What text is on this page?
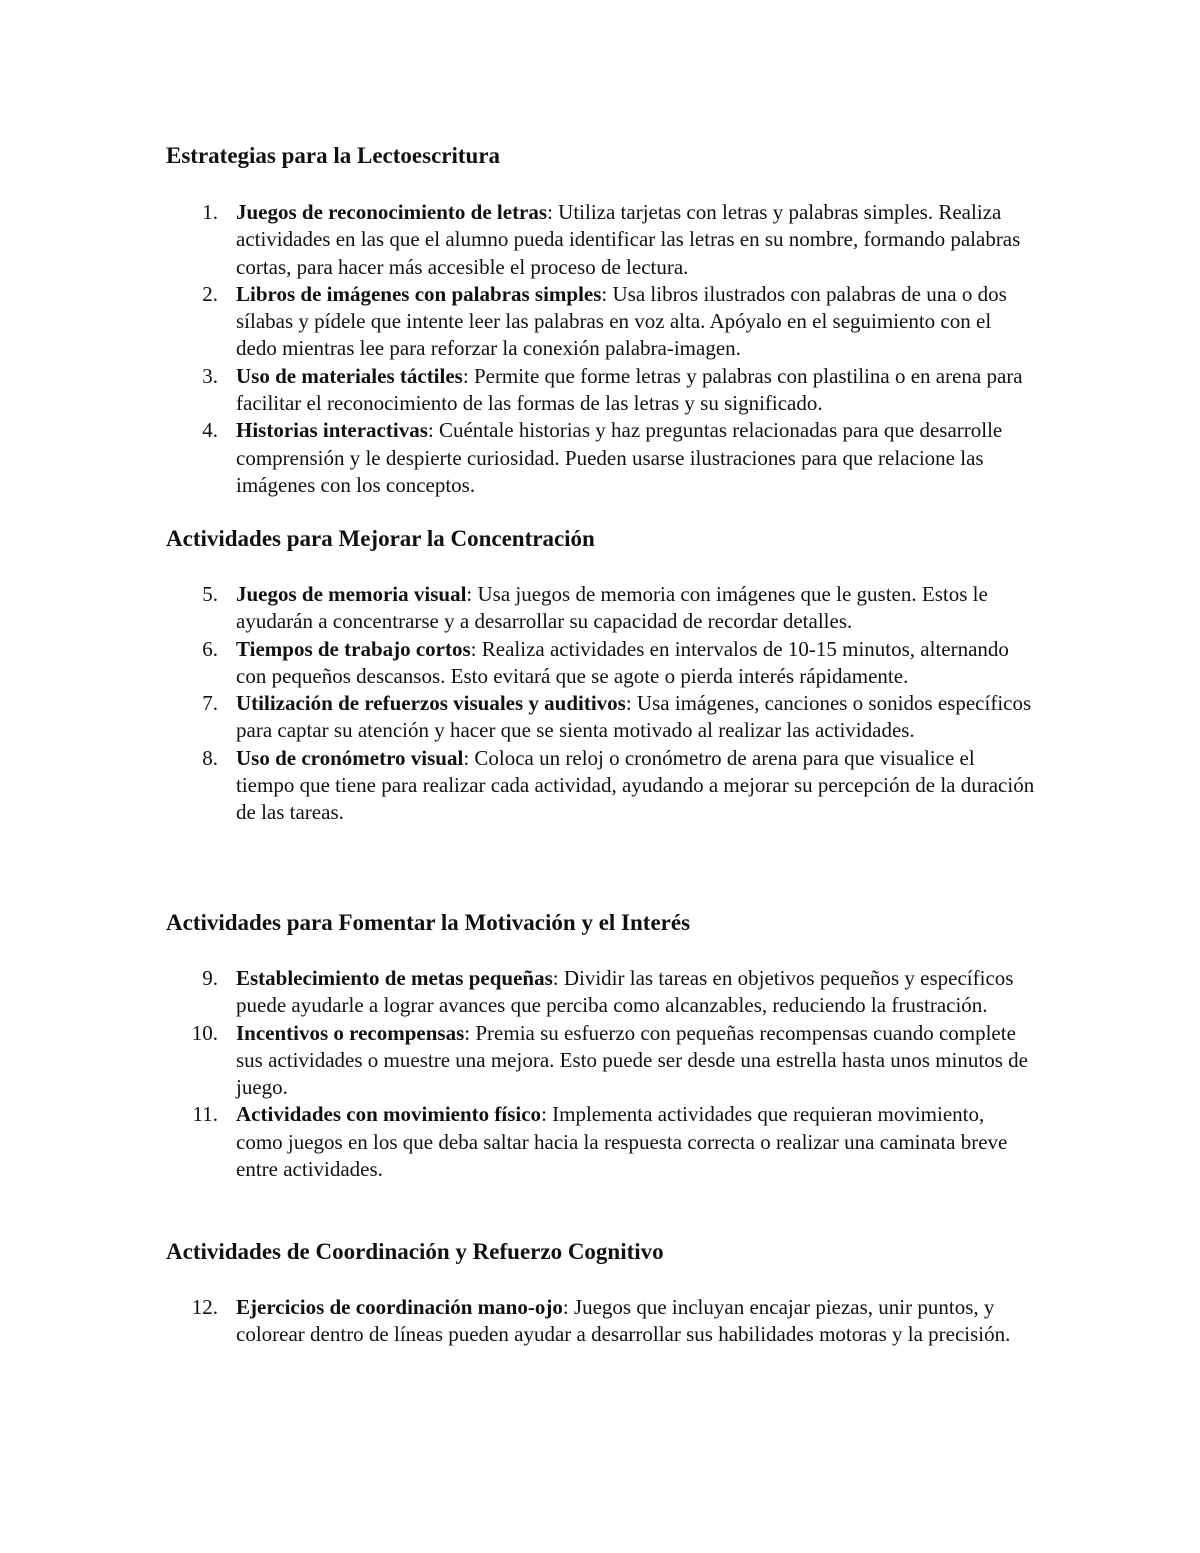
Estrategias para la Lectoescritura
1. Juegos de reconocimiento de letras: Utiliza tarjetas con letras y palabras simples. Realiza actividades en las que el alumno pueda identificar las letras en su nombre, formando palabras cortas, para hacer más accesible el proceso de lectura.
2. Libros de imágenes con palabras simples: Usa libros ilustrados con palabras de una o dos sílabas y pídele que intente leer las palabras en voz alta. Apóyalo en el seguimiento con el dedo mientras lee para reforzar la conexión palabra-imagen.
3. Uso de materiales táctiles: Permite que forme letras y palabras con plastilina o en arena para facilitar el reconocimiento de las formas de las letras y su significado.
4. Historias interactivas: Cuéntale historias y haz preguntas relacionadas para que desarrolle comprensión y le despierte curiosidad. Pueden usarse ilustraciones para que relacione las imágenes con los conceptos.
Actividades para Mejorar la Concentración
5. Juegos de memoria visual: Usa juegos de memoria con imágenes que le gusten. Estos le ayudarán a concentrarse y a desarrollar su capacidad de recordar detalles.
6. Tiempos de trabajo cortos: Realiza actividades en intervalos de 10-15 minutos, alternando con pequeños descansos. Esto evitará que se agote o pierda interés rápidamente.
7. Utilización de refuerzos visuales y auditivos: Usa imágenes, canciones o sonidos específicos para captar su atención y hacer que se sienta motivado al realizar las actividades.
8. Uso de cronómetro visual: Coloca un reloj o cronómetro de arena para que visualice el tiempo que tiene para realizar cada actividad, ayudando a mejorar su percepción de la duración de las tareas.
Actividades para Fomentar la Motivación y el Interés
9. Establecimiento de metas pequeñas: Dividir las tareas en objetivos pequeños y específicos puede ayudarle a lograr avances que perciba como alcanzables, reduciendo la frustración.
10. Incentivos o recompensas: Premia su esfuerzo con pequeñas recompensas cuando complete sus actividades o muestre una mejora. Esto puede ser desde una estrella hasta unos minutos de juego.
11. Actividades con movimiento físico: Implementa actividades que requieran movimiento, como juegos en los que deba saltar hacia la respuesta correcta o realizar una caminata breve entre actividades.
Actividades de Coordinación y Refuerzo Cognitivo
12. Ejercicios de coordinación mano-ojo: Juegos que incluyan encajar piezas, unir puntos, y colorear dentro de líneas pueden ayudar a desarrollar sus habilidades motoras y la precisión.
